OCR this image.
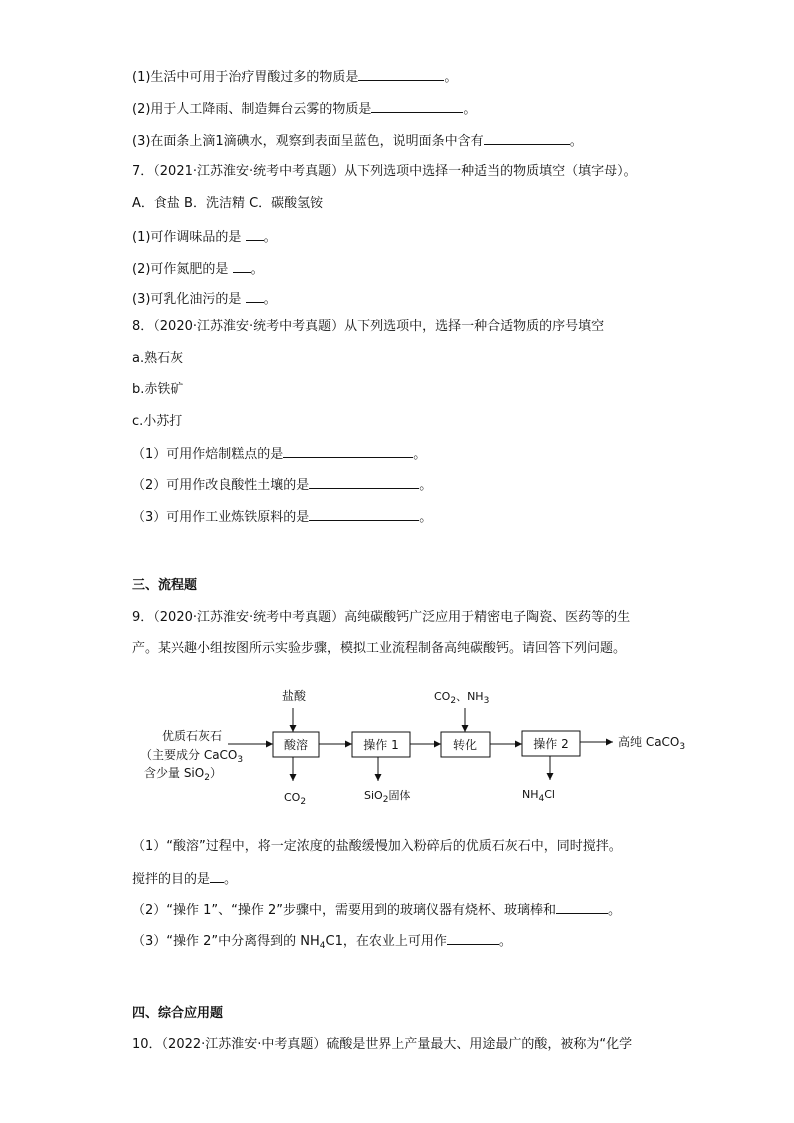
(1)生活中可用于治疗胃酸过多的物质是	。
(2)用于人工降雨、制造舞台云雾的物质是	。
(3)在面条上滴1滴碘水，观察到表面呈蓝色，说明面条中含有	。
7．（2021·江苏淮安·统考中考真题）从下列选项中选择一种适当的物质填空（填字母）。
A．食盐 B．洗洁精 C．碳酸氢铵
(1)可作调味品的是 。
(2)可作氮肥的是 。
(3)可乳化油污的是 。
8．（2020·江苏淮安·统考中考真题）从下列选项中，选择一种合适物质的序号填空
a.熟石灰
b.赤铁矿
c.小苏打
（1）可用作焙制糕点的是	。
（2）可用作改良酸性土壤的是	。
（3）可用作工业炼铁原料的是	。
三、流程题
9．（2020·江苏淮安·统考中考真题）高纯碳酸钙广泛应用于精密电子陶瓷、医药等的生
产。某兴趣小组按图所示实验步骤，模拟工业流程制备高纯碳酸钙。请回答下列问题。
优质石灰石
（主要成分 CaCO$_3$
含少量 SiO$_2$）
酸溶	操作 1	转化	操作 2	高纯 CaCO$_3$
盐酸	$CO_2$、$NH_3$
$CO_2$	SiO$_2$固体	$NH_4Cl$
（1）“酸溶”过程中，将一定浓度的盐酸缓慢加入粉碎后的优质石灰石中，同时搅拌。
搅拌的目的是 。
（2）“操作 1”、“操作 2”步骤中，需要用到的玻璃仪器有烧杯、玻璃棒和	。
（3）“操作 2”中分离得到的 $NH_4C1$，在农业上可用作	。
四、综合应用题
10．（2022·江苏淮安·中考真题）硫酸是世界上产量最大、用途最广的酸，被称为“化学
